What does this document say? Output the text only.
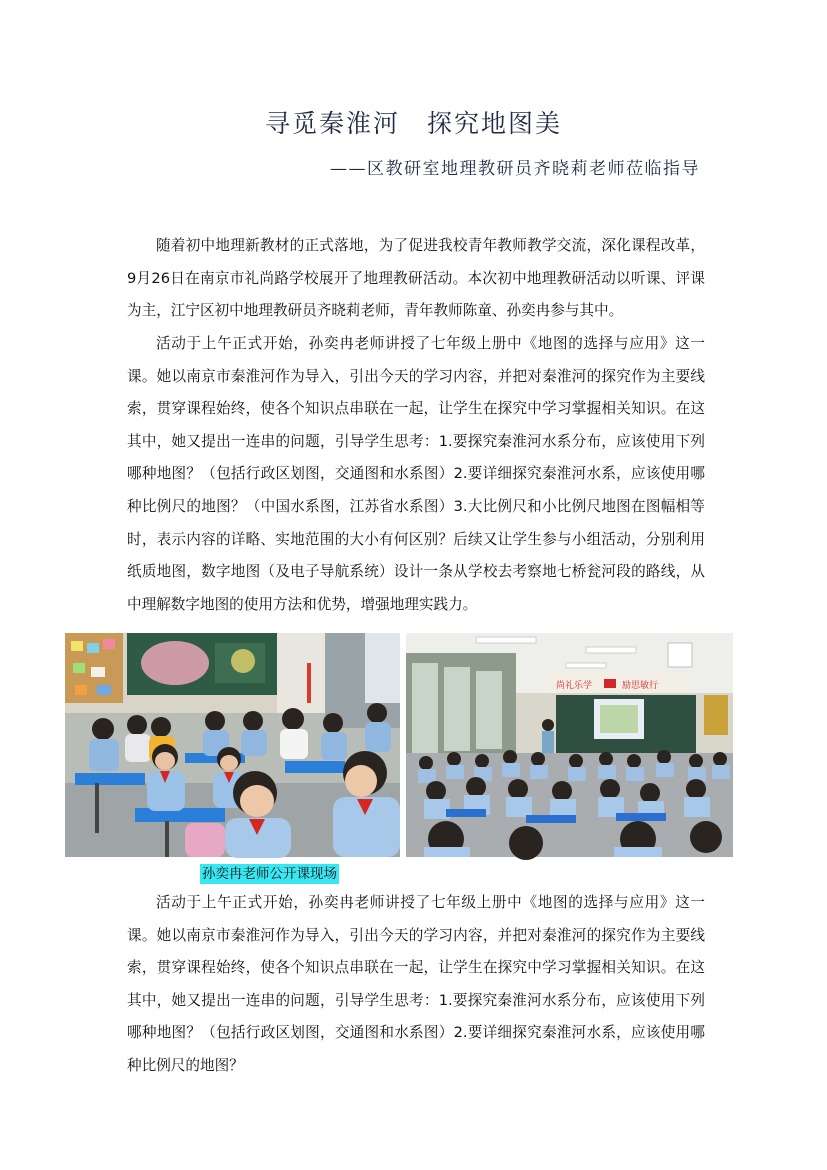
寻觅秦淮河　探究地图美
——区教研室地理教研员齐晓莉老师莅临指导

随着初中地理新教材的正式落地，为了促进我校青年教师教学交流，深化课程改革，9月26日在南京市礼尚路学校展开了地理教研活动。本次初中地理教研活动以听课、评课为主，江宁区初中地理教研员齐晓莉老师，青年教师陈童、孙奕冉参与其中。

活动于上午正式开始，孙奕冉老师讲授了七年级上册中《地图的选择与应用》这一课。她以南京市秦淮河作为导入，引出今天的学习内容，并把对秦淮河的探究作为主要线索，贯穿课程始终，使各个知识点串联在一起，让学生在探究中学习掌握相关知识。在这其中，她又提出一连串的问题，引导学生思考：1.要探究秦淮河水系分布，应该使用下列哪种地图？（包括行政区划图，交通图和水系图）2.要详细探究秦淮河水系，应该使用哪种比例尺的地图？（中国水系图，江苏省水系图）3.大比例尺和小比例尺地图在图幅相等时，表示内容的详略、实地范围的大小有何区别？后续又让学生参与小组活动，分别利用纸质地图，数字地图（及电子导航系统）设计一条从学校去考察地七桥瓮河段的路线，从中理解数字地图的使用方法和优势，增强地理实践力。

尚礼乐学	励思敏行
孙奕冉老师公开课现场

活动于上午正式开始，孙奕冉老师讲授了七年级上册中《地图的选择与应用》这一课。她以南京市秦淮河作为导入，引出今天的学习内容，并把对秦淮河的探究作为主要线索，贯穿课程始终，使各个知识点串联在一起，让学生在探究中学习掌握相关知识。在这其中，她又提出一连串的问题，引导学生思考：1.要探究秦淮河水系分布，应该使用下列哪种地图？（包括行政区划图，交通图和水系图）2.要详细探究秦淮河水系，应该使用哪种比例尺的地图？
